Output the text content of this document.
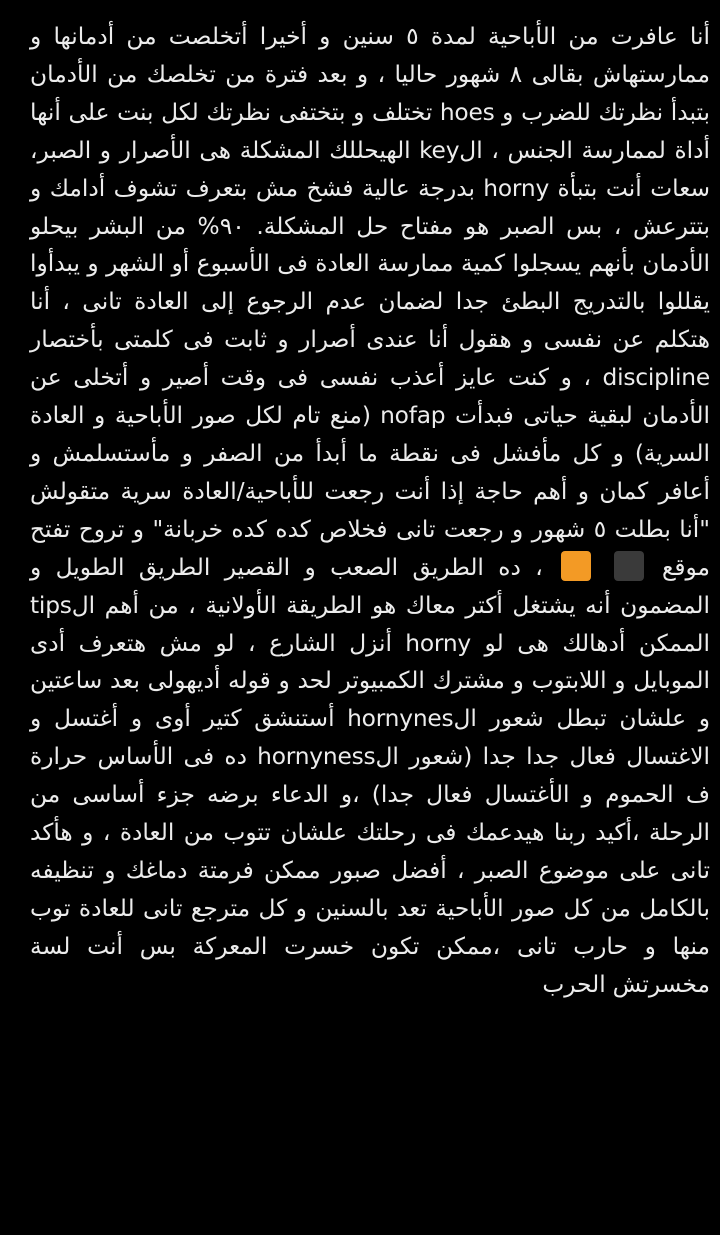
أنا عافرت من الأباحية لمدة ٥ سنين و أخيرا أتخلصت من أدمانها و ممارستهاش بقالى ٨ شهور حاليا ، و بعد فترة من تخلصك من الأدمان بتبدأ نظرتك للضرب و hoes تختلف و بتختفى نظرتك لكل بنت على أنها أداة لممارسة الجنس ، الkey الهيحللك المشكلة هى الأصرار و الصبر، سعات أنت بتبأة horny بدرجة عالية فشخ مش بتعرف تشوف أدامك و بتترعش ، بس الصبر هو مفتاح حل المشكلة. ٩٠% من البشر بيحلو الأدمان بأنهم يسجلوا كمية ممارسة العادة فى الأسبوع أو الشهر و يبدأوا يقللوا بالتدريج البطئ جدا لضمان عدم الرجوع إلى العادة تانى ، أنا هتكلم عن نفسى و هقول أنا عندى أصرار و ثابت فى كلمتى بأختصار discipline ، و كنت عايز أعذب نفسى فى وقت أصير و أتخلى عن الأدمان لبقية حياتى فبدأت nofap (منع تام لكل صور الأباحية و العادة السرية) و كل مأفشل فى نقطة ما أبدأ من الصفر و مأستسلمش و أعافر كمان و أهم حاجة إذا أنت رجعت للأباحية/العادة سرية متقولش "أنا بطلت ٥ شهور و رجعت تانى فخلاص كده كده خربانة" و تروح تفتح موقع   ، ده الطريق الصعب و القصير الطريق الطويل و المضمون أنه يشتغل أكتر معاك هو الطريقة الأولانية ، من أهم الtips الممكن أدهالك هى لو horny أنزل الشارع ، لو مش هتعرف أدى الموبايل و اللابتوب و مشترك الكمبيوتر لحد و قوله أديهولى بعد ساعتين و علشان تبطل شعور الhornynes أستنشق كتير أوى و أغتسل و الاغتسال فعال جدا جدا (شعور الhornyness ده فى الأساس حرارة ف الحموم و الأغتسال فعال جدا) ،و الدعاء برضه جزء أساسى من الرحلة ،أكيد ربنا هيدعمك فى رحلتك علشان تتوب من العادة ، و هأكد تانى على موضوع الصبر ، أفضل صبور ممكن فرمتة دماغك و تنظيفه بالكامل من كل صور الأباحية تعد بالسنين و كل مترجع تانى للعادة توب منها و حارب تانى ،ممكن تكون خسرت المعركة بس أنت لسة مخسرتش الحرب
